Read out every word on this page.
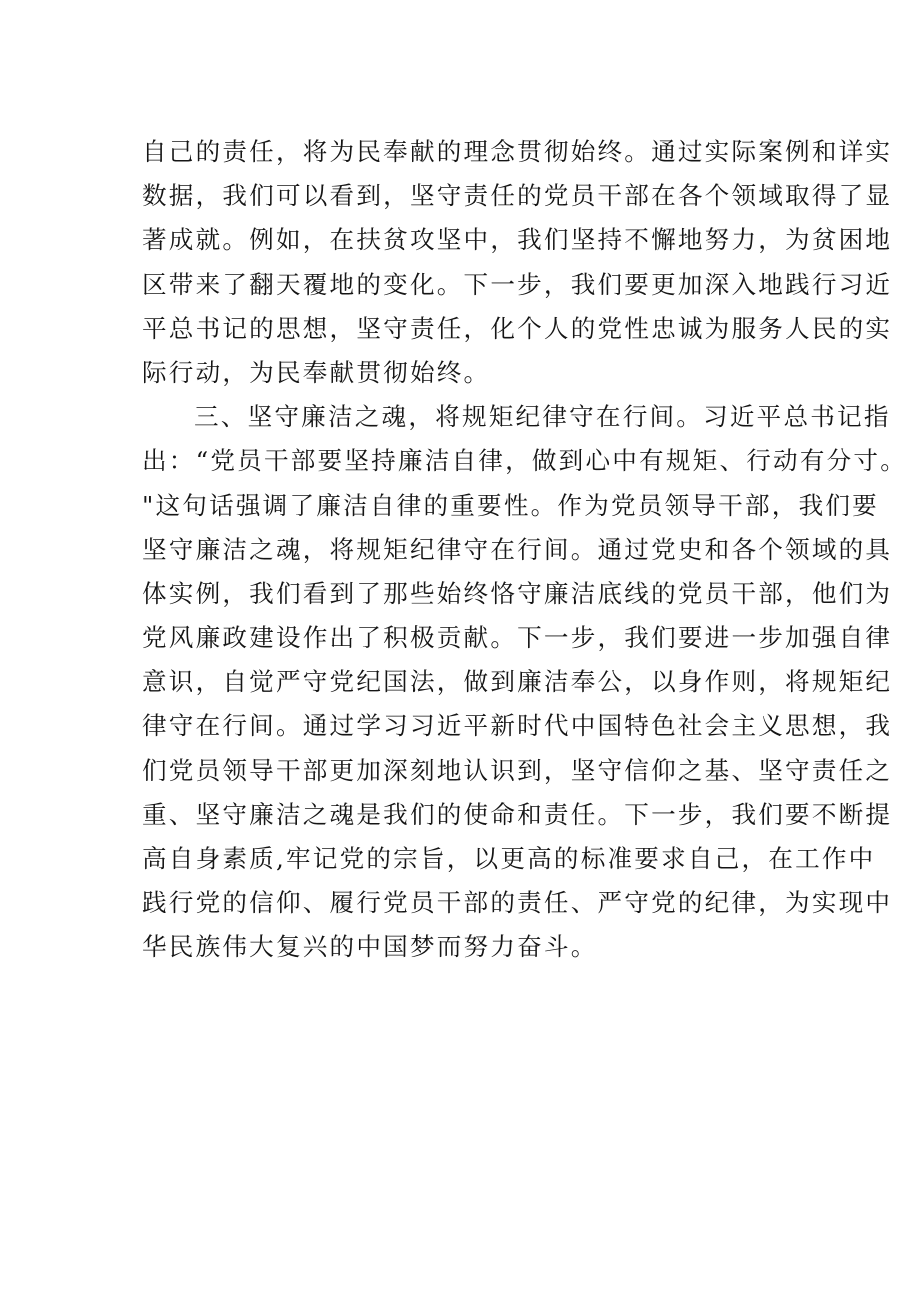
自己的责任，将为民奉献的理念贯彻始终。通过实际案例和详实
数据，我们可以看到，坚守责任的党员干部在各个领域取得了显
著成就。例如，在扶贫攻坚中，我们坚持不懈地努力，为贫困地
区带来了翻天覆地的变化。下一步，我们要更加深入地践行习近
平总书记的思想，坚守责任，化个人的党性忠诚为服务人民的实
际行动，为民奉献贯彻始终。
三、坚守廉洁之魂，将规矩纪律守在行间。习近平总书记指
出：“党员干部要坚持廉洁自律，做到心中有规矩、行动有分寸。
"这句话强调了廉洁自律的重要性。作为党员领导干部，我们要
坚守廉洁之魂，将规矩纪律守在行间。通过党史和各个领域的具
体实例，我们看到了那些始终恪守廉洁底线的党员干部，他们为
党风廉政建设作出了积极贡献。下一步，我们要进一步加强自律
意识，自觉严守党纪国法，做到廉洁奉公，以身作则，将规矩纪
律守在行间。通过学习习近平新时代中国特色社会主义思想，我
们党员领导干部更加深刻地认识到，坚守信仰之基、坚守责任之
重、坚守廉洁之魂是我们的使命和责任。下一步，我们要不断提
高自身素质,牢记党的宗旨，以更高的标准要求自己，在工作中
践行党的信仰、履行党员干部的责任、严守党的纪律，为实现中
华民族伟大复兴的中国梦而努力奋斗。
